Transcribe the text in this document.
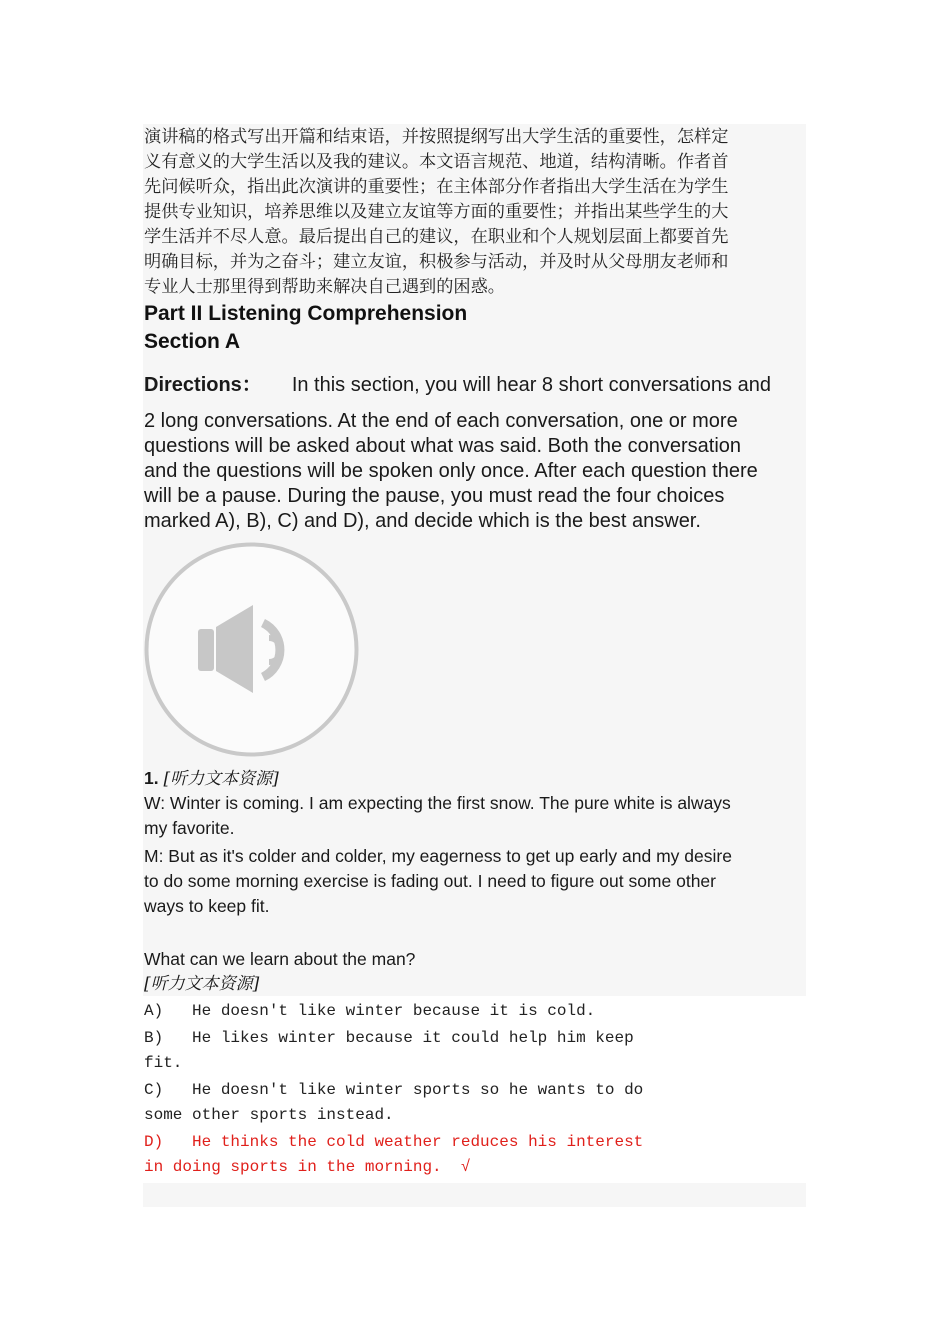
演讲稿的格式写出开篇和结束语，并按照提纲写出大学生活的重要性，怎样定
义有意义的大学生活以及我的建议。本文语言规范、地道，结构清晰。作者首
先问候听众，指出此次演讲的重要性；在主体部分作者指出大学生活在为学生
提供专业知识，培养思维以及建立友谊等方面的重要性；并指出某些学生的大
学生活并不尽人意。最后提出自己的建议，在职业和个人规划层面上都要首先
明确目标，并为之奋斗；建立友谊，积极参与活动，并及时从父母朋友老师和
专业人士那里得到帮助来解决自己遇到的困惑。
Part II Listening Comprehension
Section A

Directions： In this section, you will hear 8 short conversations and

2 long conversations. At the end of each conversation, one or more
questions will be asked about what was said. Both the conversation
and the questions will be spoken only once. After each question there
will be a pause. During the pause, you must read the four choices
marked A), B), C) and D), and decide which is the best answer.

1. [听力文本资源]

W: Winter is coming. I am expecting the first snow. The pure white is always
my favorite.

M: But as it's colder and colder, my eagerness to get up early and my desire
to do some morning exercise is fading out. I need to figure out some other
ways to keep fit.

What can we learn about the man?

[听力文本资源]

A)   He doesn't like winter because it is cold.
B)   He likes winter because it could help him keep
fit.
C)   He doesn't like winter sports so he wants to do
some other sports instead.
D)   He thinks the cold weather reduces his interest
in doing sports in the morning.  √
